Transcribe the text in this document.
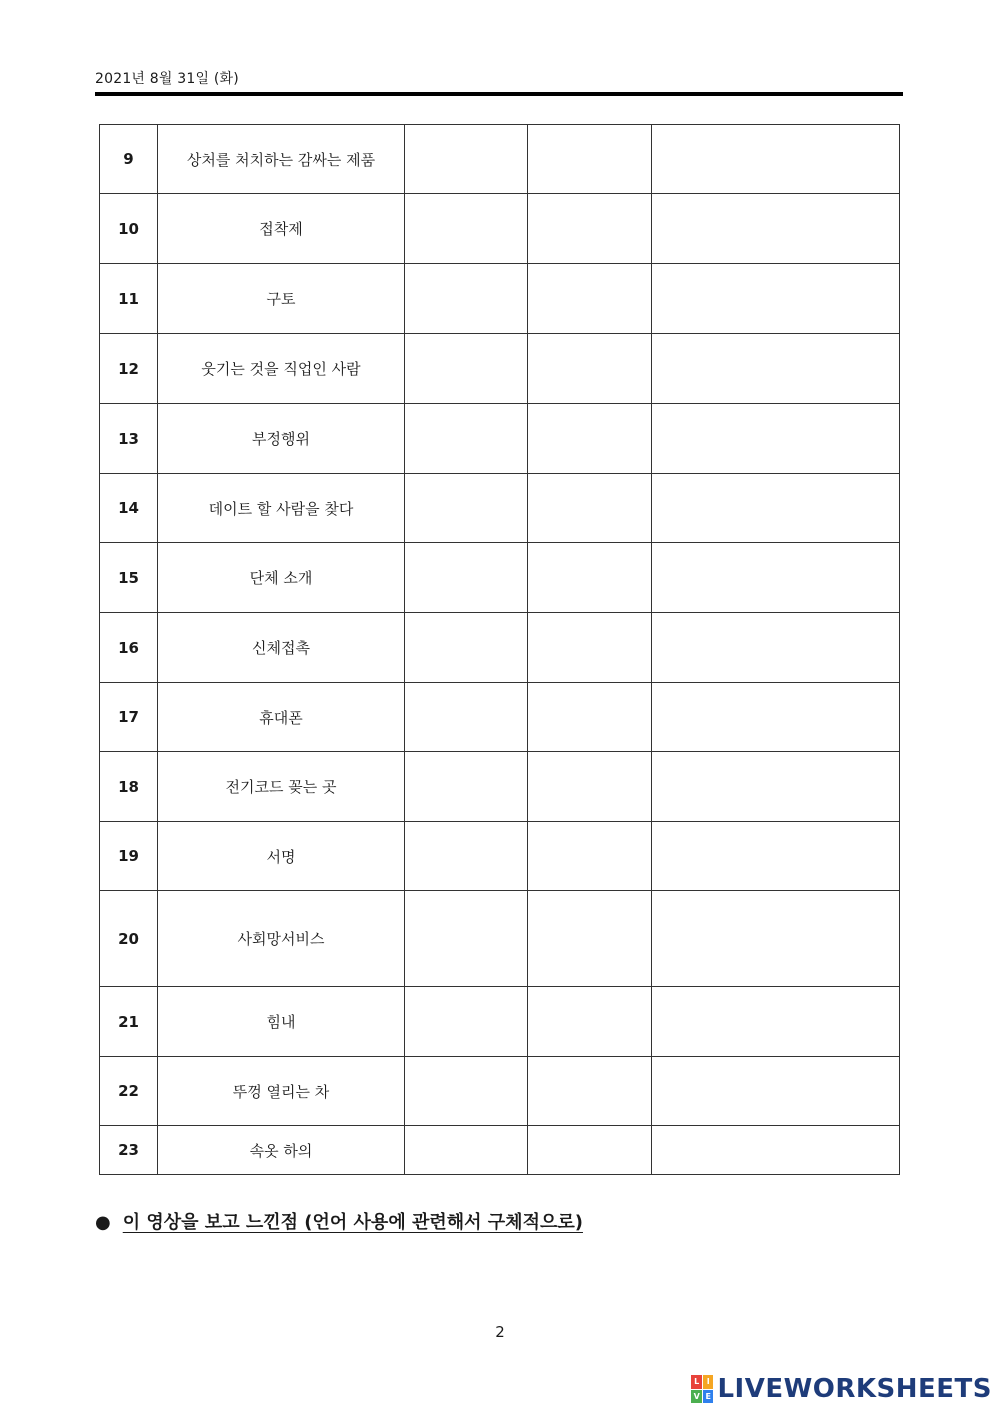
2021년 8월 31일 (화)
9	상처를 처치하는 감싸는 제품			
10	접착제			
11	구토			
12	웃기는 것을 직업인 사람			
13	부정행위			
14	데이트 할 사람을 찾다			
15	단체 소개			
16	신체접촉			
17	휴대폰			
18	전기코드 꽂는 곳			
19	서명			
20	사회망서비스			
21	힘내			
22	뚜껑 열리는 차			
23	속옷 하의			
● 이 영상을 보고 느낀점 (언어 사용에 관련해서 구체적으로)
2
L I
V E LIVEWORKSHEETS
